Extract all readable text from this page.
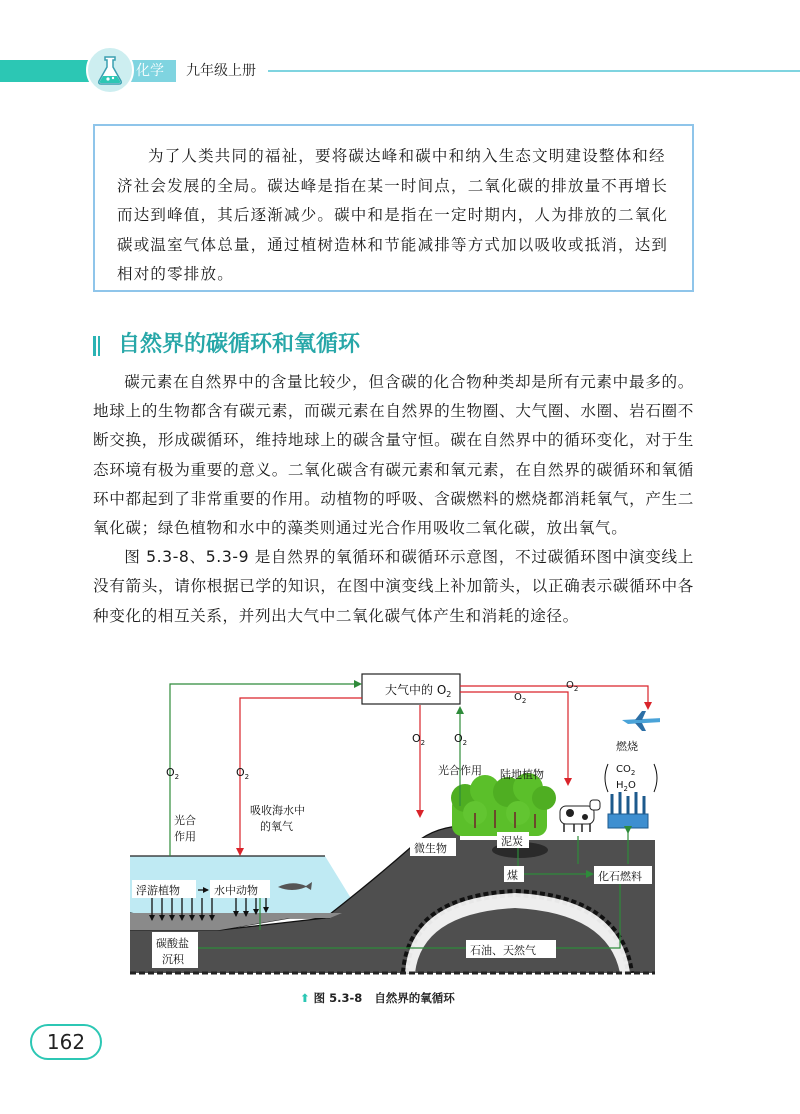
化学	九年级上册

为了人类共同的福祉，要将碳达峰和碳中和纳入生态文明建设整体和经济社会发展的全局。碳达峰是指在某一时间点，二氧化碳的排放量不再增长而达到峰值，其后逐渐减少。碳中和是指在一定时期内，人为排放的二氧化碳或温室气体总量，通过植树造林和节能减排等方式加以吸收或抵消，达到相对的零排放。

自然界的碳循环和氧循环

碳元素在自然界中的含量比较少，但含碳的化合物种类却是所有元素中最多的。地球上的生物都含有碳元素，而碳元素在自然界的生物圈、大气圈、水圈、岩石圈不断交换，形成碳循环，维持地球上的碳含量守恒。碳在自然界中的循环变化，对于生态环境有极为重要的意义。二氧化碳含有碳元素和氧元素，在自然界的碳循环和氧循环中都起到了非常重要的作用。动植物的呼吸、含碳燃料的燃烧都消耗氧气，产生二氧化碳；绿色植物和水中的藻类则通过光合作用吸收二氧化碳，放出氧气。

图 5.3-8、5.3-9 是自然界的氧循环和碳循环示意图，不过碳循环图中演变线上没有箭头，请你根据已学的知识，在图中演变线上补加箭头，以正确表示碳循环中各种变化的相互关系，并列出大气中二氧化碳气体产生和消耗的途径。

大气中的 $O_2$
$O_2$	$O_2$
$O_2$	$O_2$
$O_2$
$O_2$
光合
作用
吸收海水中
的氧气
光合作用 陆地植物
燃烧
$CO_2$
$H_2O$
微生物
泥炭
煤	化石燃料
浮游植物	水中动物
碳酸盐
沉积
石油、天然气
⬆ 图 5.3-8 自然界的氧循环
162
